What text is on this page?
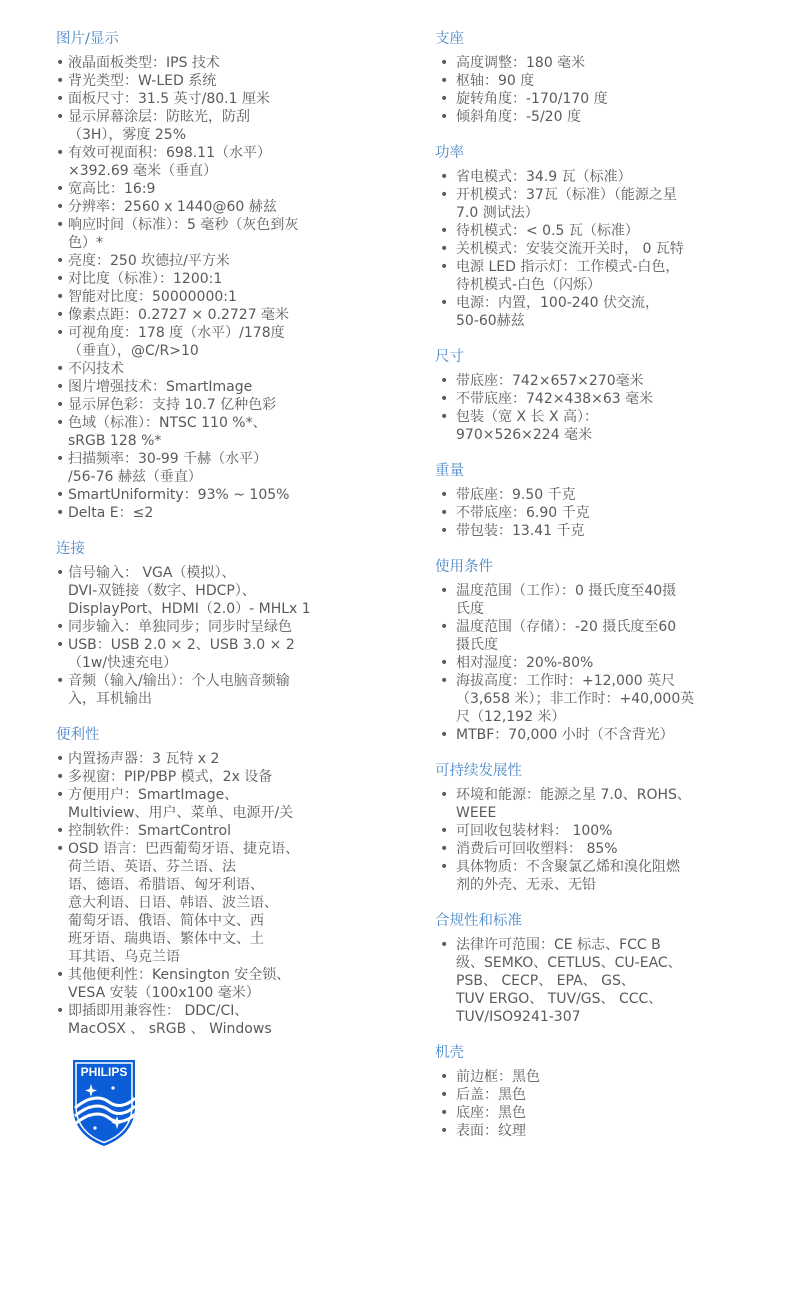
图片/显示
• 液晶面板类型：IPS 技术
• 背光类型：W-LED 系统
• 面板尺寸：31.5 英寸/80.1 厘米
• 显示屏幕涂层：防眩光，防刮
（3H），雾度 25%
• 有效可视面积：698.11（水平）
×392.69 毫米（垂直）
• 宽高比：16:9
• 分辨率：2560 x 1440@60 赫兹
• 响应时间（标准）：5 毫秒（灰色到灰
色）*
• 亮度：250 坎德拉/平方米
• 对比度（标准）：1200:1
• 智能对比度：50000000:1
• 像素点距：0.2727 × 0.2727 毫米
• 可视角度：178 度（水平）/178度
（垂直），@C/R>10
• 不闪技术
• 图片增强技术：SmartImage
• 显示屏色彩：支持 10.7 亿种色彩
• 色域（标准）：NTSC 110 %*、
sRGB 128 %*
• 扫描频率：30-99 千赫（水平）
/56-76 赫兹（垂直）
• SmartUniformity：93% ~ 105%
• Delta E：≤2
连接
• 信号输入： VGA（模拟）、
DVI-双链接（数字、HDCP）、
DisplayPort、HDMI（2.0）- MHLx 1
• 同步输入：单独同步；同步时呈绿色
• USB：USB 2.0 × 2、USB 3.0 × 2
（1w/快速充电）
• 音频（输入/输出）：个人电脑音频输
入，耳机输出
便利性
• 内置扬声器：3 瓦特 x 2
• 多视窗：PIP/PBP 模式，2x 设备
• 方便用户：SmartImage、
Multiview、用户、菜单、电源开/关
• 控制软件：SmartControl
• OSD 语言：巴西葡萄牙语、捷克语、
荷兰语、英语、芬兰语、法
语、德语、希腊语、匈牙利语、
意大利语、日语、韩语、波兰语、
葡萄牙语、俄语、简体中文、西
班牙语、瑞典语、繁体中文、土
耳其语、乌克兰语
• 其他便利性：Kensington 安全锁、
VESA 安装（100x100 毫米）
• 即插即用兼容性： DDC/CI、
MacOSX 、 sRGB 、 Windows
支座
• 高度调整：180 毫米
• 枢轴：90 度
• 旋转角度：-170/170 度
• 倾斜角度：-5/20 度
功率
• 省电模式：34.9 瓦（标准）
• 开机模式：37瓦（标准）（能源之星
7.0 测试法）
• 待机模式：< 0.5 瓦（标准）
• 关机模式：安装交流开关时， 0 瓦特
• 电源 LED 指示灯：工作模式-白色，
待机模式-白色（闪烁）
• 电源：内置，100-240 伏交流，
50-60赫兹
尺寸
• 带底座：742×657×270毫米
• 不带底座：742×438×63 毫米
• 包装（宽 X 长 X 高）：
970×526×224 毫米
重量
• 带底座：9.50 千克
• 不带底座：6.90 千克
• 带包装：13.41 千克
使用条件
• 温度范围（工作）：0 摄氏度至40摄
氏度
• 温度范围（存储）：-20 摄氏度至60
摄氏度
• 相对湿度：20%-80%
• 海拔高度：工作时：+12,000 英尺
（3,658 米）；非工作时：+40,000英
尺（12,192 米）
• MTBF：70,000 小时（不含背光）
可持续发展性
• 环境和能源：能源之星 7.0、ROHS、
WEEE
• 可回收包装材料： 100%
• 消费后可回收塑料： 85%
• 具体物质：不含聚氯乙烯和溴化阻燃
剂的外壳、无汞、无铅
合规性和标准
• 法律许可范围：CE 标志、FCC B
级、SEMKO、CETLUS、CU-EAC、
PSB、 CECP、 EPA、 GS、
TUV ERGO、 TUV/GS、 CCC、
TUV/ISO9241-307
机壳
• 前边框：黑色
• 后盖：黑色
• 底座：黑色
• 表面：纹理
PHILIPS
